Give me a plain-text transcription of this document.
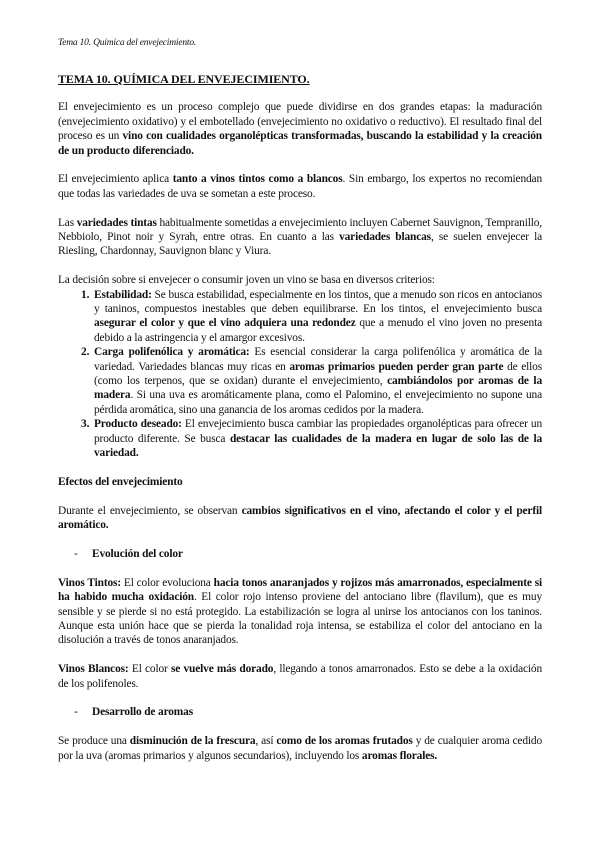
Tema 10. Química del envejecimiento.
TEMA 10. QUÍMICA DEL ENVEJECIMIENTO.

El envejecimiento es un proceso complejo que puede dividirse en dos grandes etapas: la maduración (envejecimiento oxidativo) y el embotellado (envejecimiento no oxidativo o reductivo). El resultado final del proceso es un vino con cualidades organolépticas transformadas, buscando la estabilidad y la creación de un producto diferenciado.

El envejecimiento aplica tanto a vinos tintos como a blancos. Sin embargo, los expertos no recomiendan que todas las variedades de uva se sometan a este proceso.

Las variedades tintas habitualmente sometidas a envejecimiento incluyen Cabernet Sauvignon, Tempranillo, Nebbiolo, Pinot noir y Syrah, entre otras. En cuanto a las variedades blancas, se suelen envejecer la Riesling, Chardonnay, Sauvignon blanc y Viura.

La decisión sobre si envejecer o consumir joven un vino se basa en diversos criterios:
1. Estabilidad: Se busca estabilidad, especialmente en los tintos, que a menudo son ricos en antocianos y taninos, compuestos inestables que deben equilibrarse. En los tintos, el envejecimiento busca asegurar el color y que el vino adquiera una redondez que a menudo el vino joven no presenta debido a la astringencia y el amargor excesivos.
2. Carga polifenólica y aromática: Es esencial considerar la carga polifenólica y aromática de la variedad. Variedades blancas muy ricas en aromas primarios pueden perder gran parte de ellos (como los terpenos, que se oxidan) durante el envejecimiento, cambiándolos por aromas de la madera. Si una uva es aromáticamente plana, como el Palomino, el envejecimiento no supone una pérdida aromática, sino una ganancia de los aromas cedidos por la madera.
3. Producto deseado: El envejecimiento busca cambiar las propiedades organolépticas para ofrecer un producto diferente. Se busca destacar las cualidades de la madera en lugar de solo las de la variedad.
Efectos del envejecimiento

Durante el envejecimiento, se observan cambios significativos en el vino, afectando el color y el perfil aromático.

-	Evolución del color

Vinos Tintos: El color evoluciona hacia tonos anaranjados y rojizos más amarronados, especialmente si ha habido mucha oxidación. El color rojo intenso proviene del antociano libre (flavilum), que es muy sensible y se pierde si no está protegido. La estabilización se logra al unirse los antocianos con los taninos. Aunque esta unión hace que se pierda la tonalidad roja intensa, se estabiliza el color del antociano en la disolución a través de tonos anaranjados.

Vinos Blancos: El color se vuelve más dorado, llegando a tonos amarronados. Esto se debe a la oxidación de los polifenoles.

-	Desarrollo de aromas

Se produce una disminución de la frescura, así como de los aromas frutados y de cualquier aroma cedido por la uva (aromas primarios y algunos secundarios), incluyendo los aromas florales.
